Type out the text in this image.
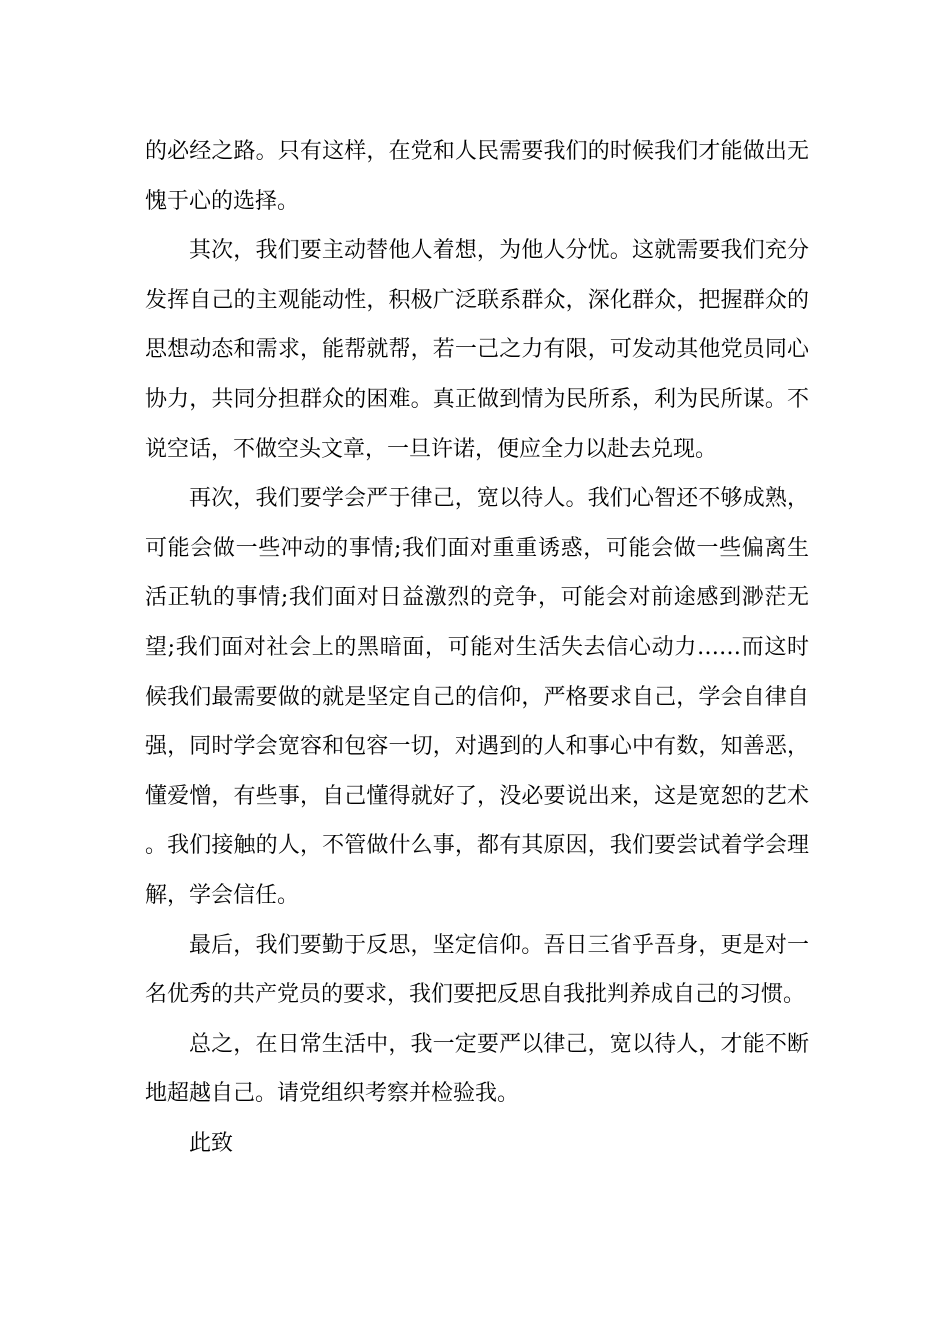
的必经之路。只有这样，在党和人民需要我们的时候我们才能做出无愧于心的选择。

其次，我们要主动替他人着想，为他人分忧。这就需要我们充分发挥自己的主观能动性，积极广泛联系群众，深化群众，把握群众的思想动态和需求，能帮就帮，若一己之力有限，可发动其他党员同心协力，共同分担群众的困难。真正做到情为民所系，利为民所谋。不说空话，不做空头文章，一旦许诺，便应全力以赴去兑现。

再次，我们要学会严于律己，宽以待人。我们心智还不够成熟，可能会做一些冲动的事情;我们面对重重诱惑，可能会做一些偏离生活正轨的事情;我们面对日益激烈的竞争，可能会对前途感到渺茫无望;我们面对社会上的黑暗面，可能对生活失去信心动力……而这时候我们最需要做的就是坚定自己的信仰，严格要求自己，学会自律自强，同时学会宽容和包容一切，对遇到的人和事心中有数，知善恶，懂爱憎，有些事，自己懂得就好了，没必要说出来，这是宽恕的艺术。我们接触的人，不管做什么事，都有其原因，我们要尝试着学会理解，学会信任。

最后，我们要勤于反思，坚定信仰。吾日三省乎吾身，更是对一名优秀的共产党员的要求，我们要把反思自我批判养成自己的习惯。

总之，在日常生活中，我一定要严以律己，宽以待人，才能不断地超越自己。请党组织考察并检验我。

此致
